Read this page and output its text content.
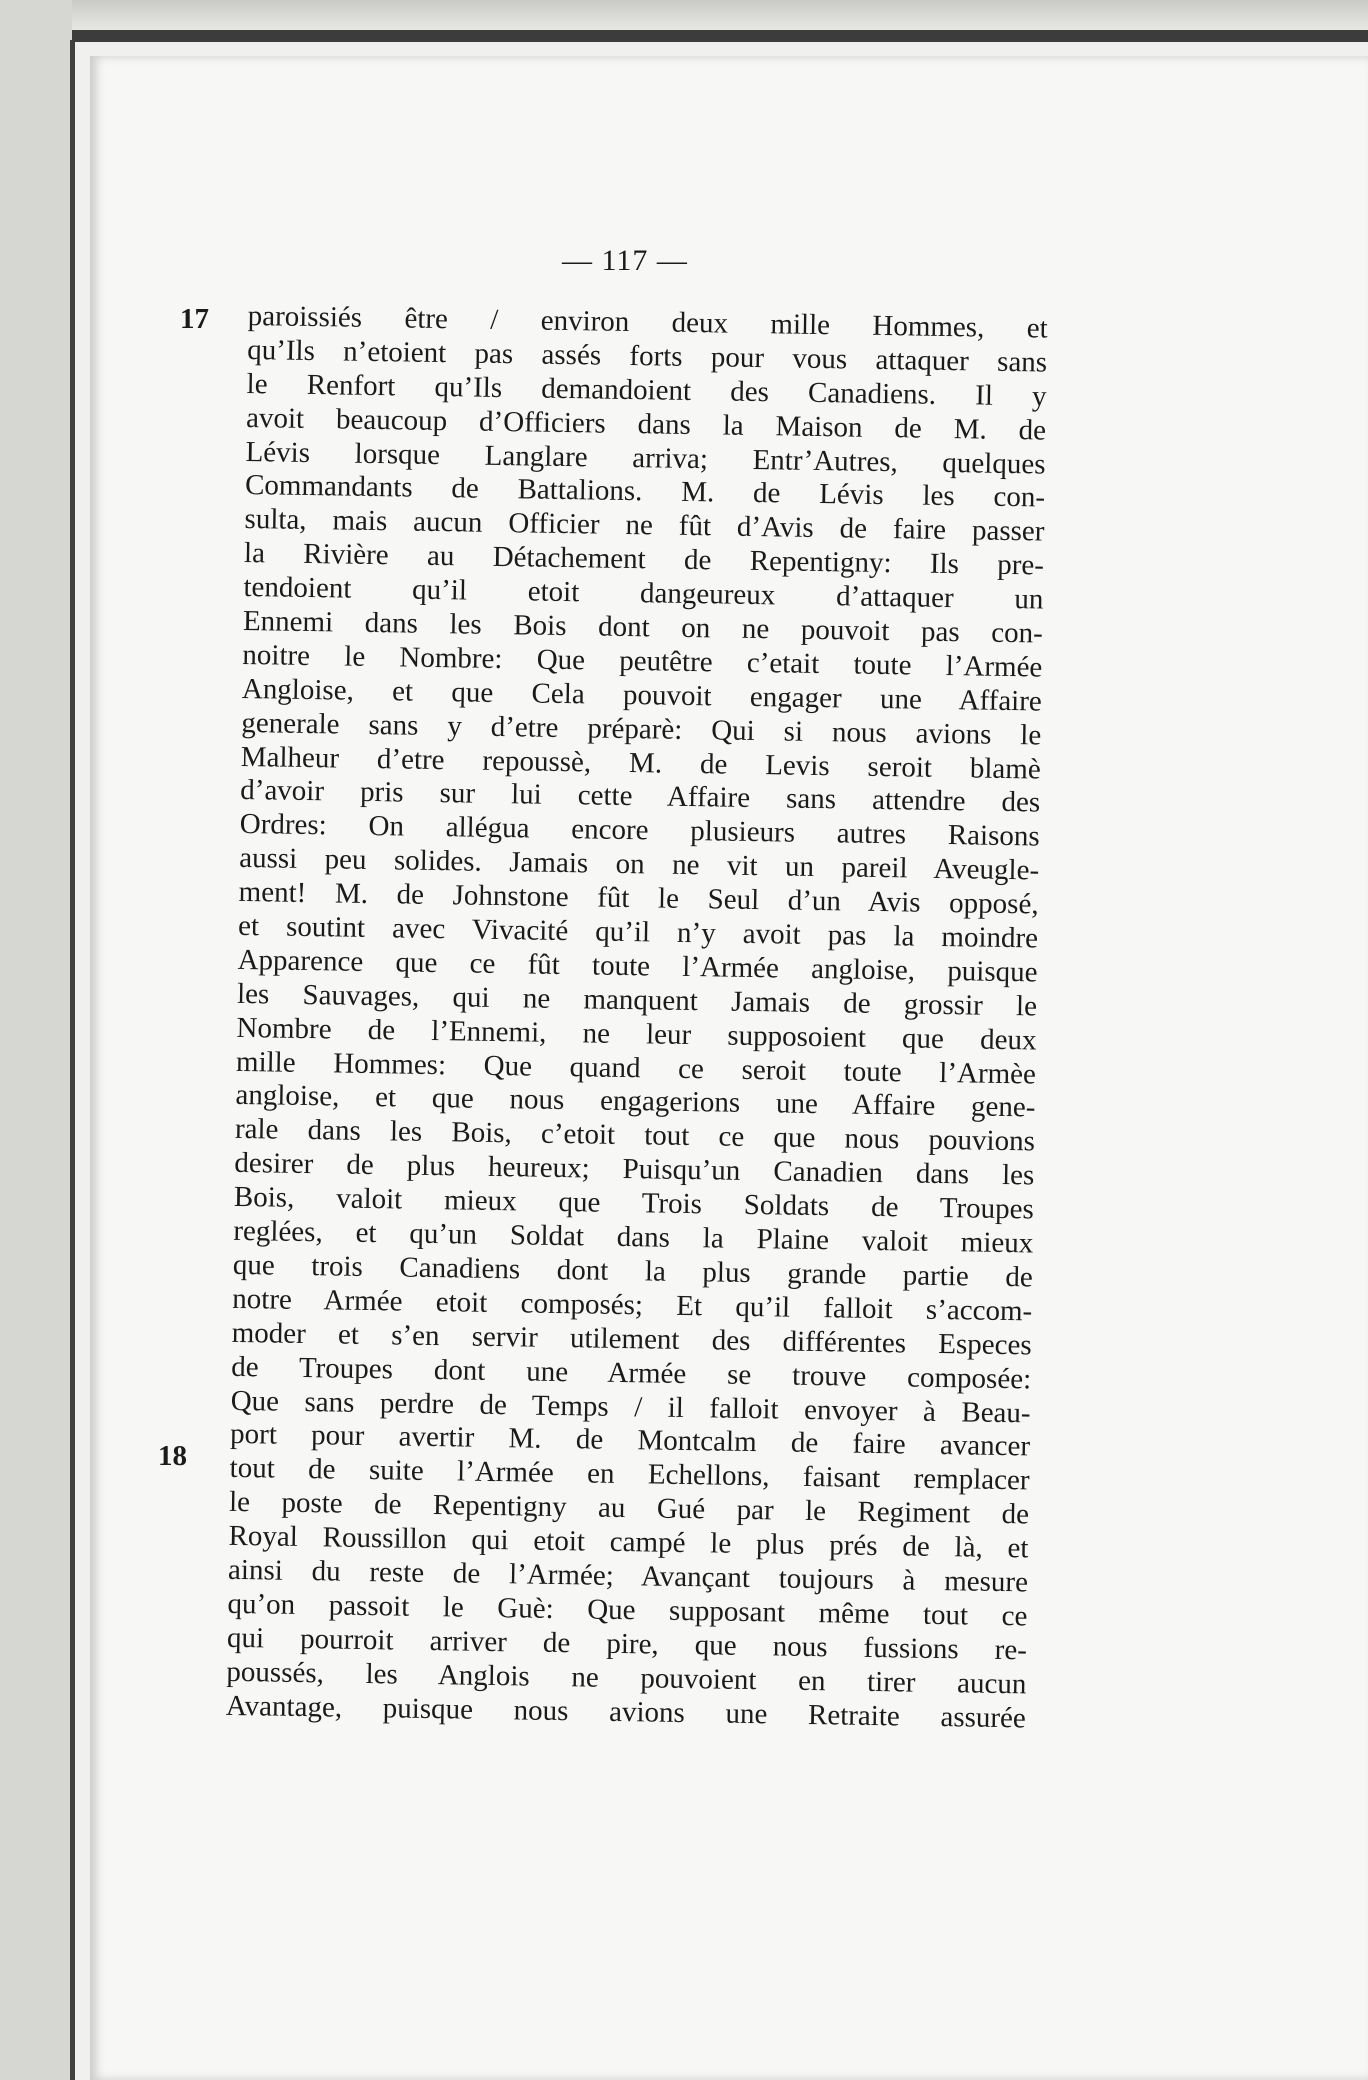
— 117 —
17
18
paroissiés être / environ deux mille Hommes, et
qu’Ils n’etoient pas assés forts pour vous attaquer sans
le Renfort qu’Ils demandoient des Canadiens. Il y
avoit beaucoup d’Officiers dans la Maison de M. de
Lévis lorsque Langlare arriva; Entr’Autres, quelques
Commandants de Battalions. M. de Lévis les con-
sulta, mais aucun Officier ne fût d’Avis de faire passer
la Rivière au Détachement de Repentigny: Ils pre-
tendoient qu’il etoit dangeureux d’attaquer un
Ennemi dans les Bois dont on ne pouvoit pas con-
noitre le Nombre: Que peutêtre c’etait toute l’Armée
Angloise, et que Cela pouvoit engager une Affaire
generale sans y d’etre préparè: Qui si nous avions le
Malheur d’etre repoussè, M. de Levis seroit blamè
d’avoir pris sur lui cette Affaire sans attendre des
Ordres: On allégua encore plusieurs autres Raisons
aussi peu solides. Jamais on ne vit un pareil Aveugle-
ment! M. de Johnstone fût le Seul d’un Avis opposé,
et soutint avec Vivacité qu’il n’y avoit pas la moindre
Apparence que ce fût toute l’Armée angloise, puisque
les Sauvages, qui ne manquent Jamais de grossir le
Nombre de l’Ennemi, ne leur supposoient que deux
mille Hommes: Que quand ce seroit toute l’Armèe
angloise, et que nous engagerions une Affaire gene-
rale dans les Bois, c’etoit tout ce que nous pouvions
desirer de plus heureux; Puisqu’un Canadien dans les
Bois, valoit mieux que Trois Soldats de Troupes
reglées, et qu’un Soldat dans la Plaine valoit mieux
que trois Canadiens dont la plus grande partie de
notre Armée etoit composés; Et qu’il falloit s’accom-
moder et s’en servir utilement des différentes Especes
de Troupes dont une Armée se trouve composée:
Que sans perdre de Temps / il falloit envoyer à Beau-
port pour avertir M. de Montcalm de faire avancer
tout de suite l’Armée en Echellons, faisant remplacer
le poste de Repentigny au Gué par le Regiment de
Royal Roussillon qui etoit campé le plus prés de là, et
ainsi du reste de l’Armée; Avançant toujours à mesure
qu’on passoit le Guè: Que supposant même tout ce
qui pourroit arriver de pire, que nous fussions re-
poussés, les Anglois ne pouvoient en tirer aucun
Avantage, puisque nous avions une Retraite assurée
